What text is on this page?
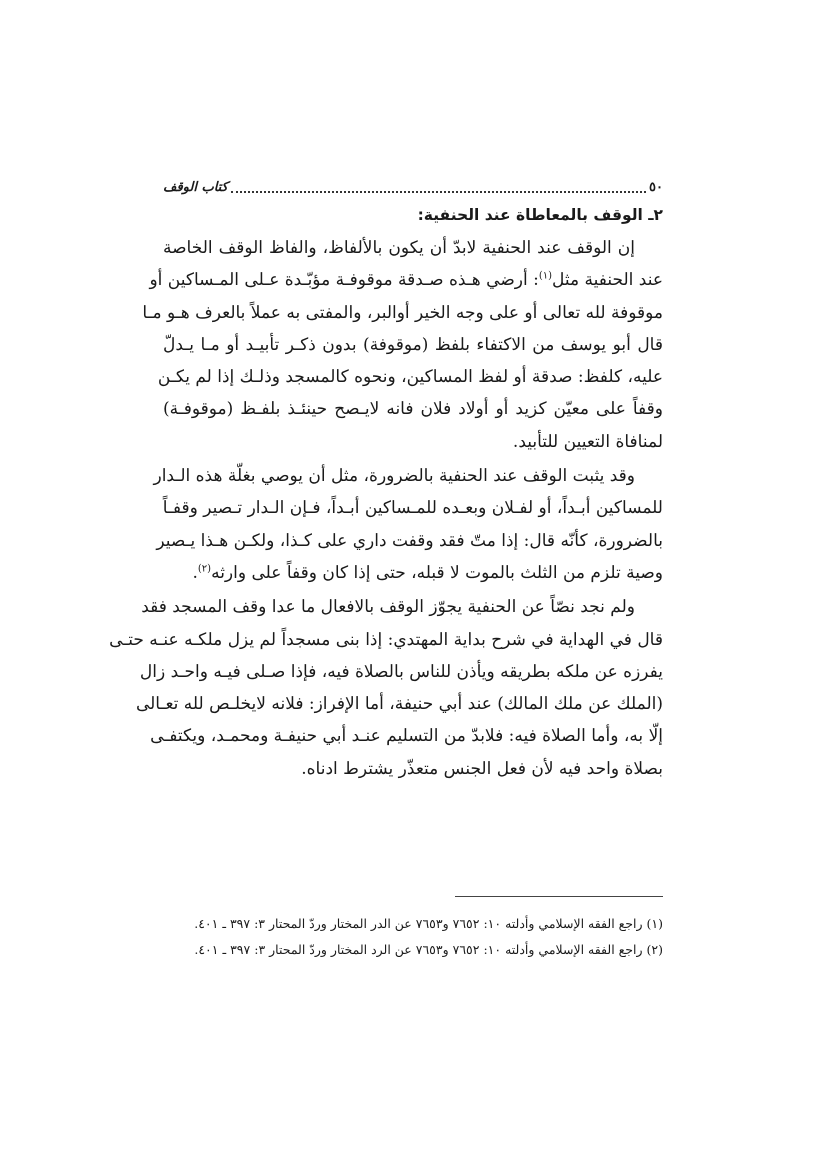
٥٠
كتاب الوقف
٢ـ الوقف بالمعاطاة عند الحنفية:
إن الوقف عند الحنفية لابدّ أن يكون بالألفاظ، والفاظ الوقف الخاصة
عند الحنفية مثل$^{(١)}$: أرضي هـذه صـدقة موقوفـة مؤبّـدة عـلى المـساكين أو
موقوفة لله تعالى أو على وجه الخير أوالبر، والمفتى به عملاً بالعرف هـو مـا
قال أبو يوسف من الاكتفاء بلفظ (موقوفة) بدون ذكـر تأبيـد أو مـا يـدلّ
عليه، كلفظ: صدقة أو لفظ المساكين، ونحوه كالمسجد وذلـك إذا لم يكـن
وقفاً على معيّن كزيد أو أولاد فلان فانه لايـصح حينئـذ بلفـظ (موقوفـة)
لمنافاة التعيين للتأبيد.
وقد يثبت الوقف عند الحنفية بالضرورة، مثل أن يوصي بغلّة هذه الـدار
للمساكين أبـداً، أو لفـلان وبعـده للمـساكين أبـداً، فـإن الـدار تـصير وقفـاً
بالضرورة، كأنّه قال: إذا متّ فقد وقفت داري على كـذا، ولكـن هـذا يـصير
وصية تلزم من الثلث بالموت لا قبله، حتى إذا كان وقفاً على وارثه$^{(٢)}$.
ولم نجد نصّاً عن الحنفية يجوّز الوقف بالافعال ما عدا وقف المسجد فقد
قال في الهداية في شرح بداية المهتدي: إذا بنى مسجداً لم يزل ملكـه عنـه حتـى
يفرزه عن ملكه بطريقه ويأذن للناس بالصلاة فيه، فإذا صـلى فيـه واحـد زال
(الملك عن ملك المالك) عند أبي حنيفة، أما الإفراز: فلانه لايخلـص لله تعـالى
إلّا به، وأما الصلاة فيه: فلابدّ من التسليم عنـد أبي حنيفـة ومحمـد، ويكتفـى
بصلاة واحد فيه لأن فعل الجنس متعذّر يشترط ادناه.
(١) راجع الفقه الإسلامي وأدلته ١٠: ٧٦٥٢ و٧٦٥٣ عن الدر المختار وردّ المحتار ٣: ٣٩٧ ـ ٤٠١.
(٢) راجع الفقه الإسلامي وأدلته ١٠: ٧٦٥٢ و٧٦٥٣ عن الرد المختار وردّ المحتار ٣: ٣٩٧ ـ ٤٠١.
